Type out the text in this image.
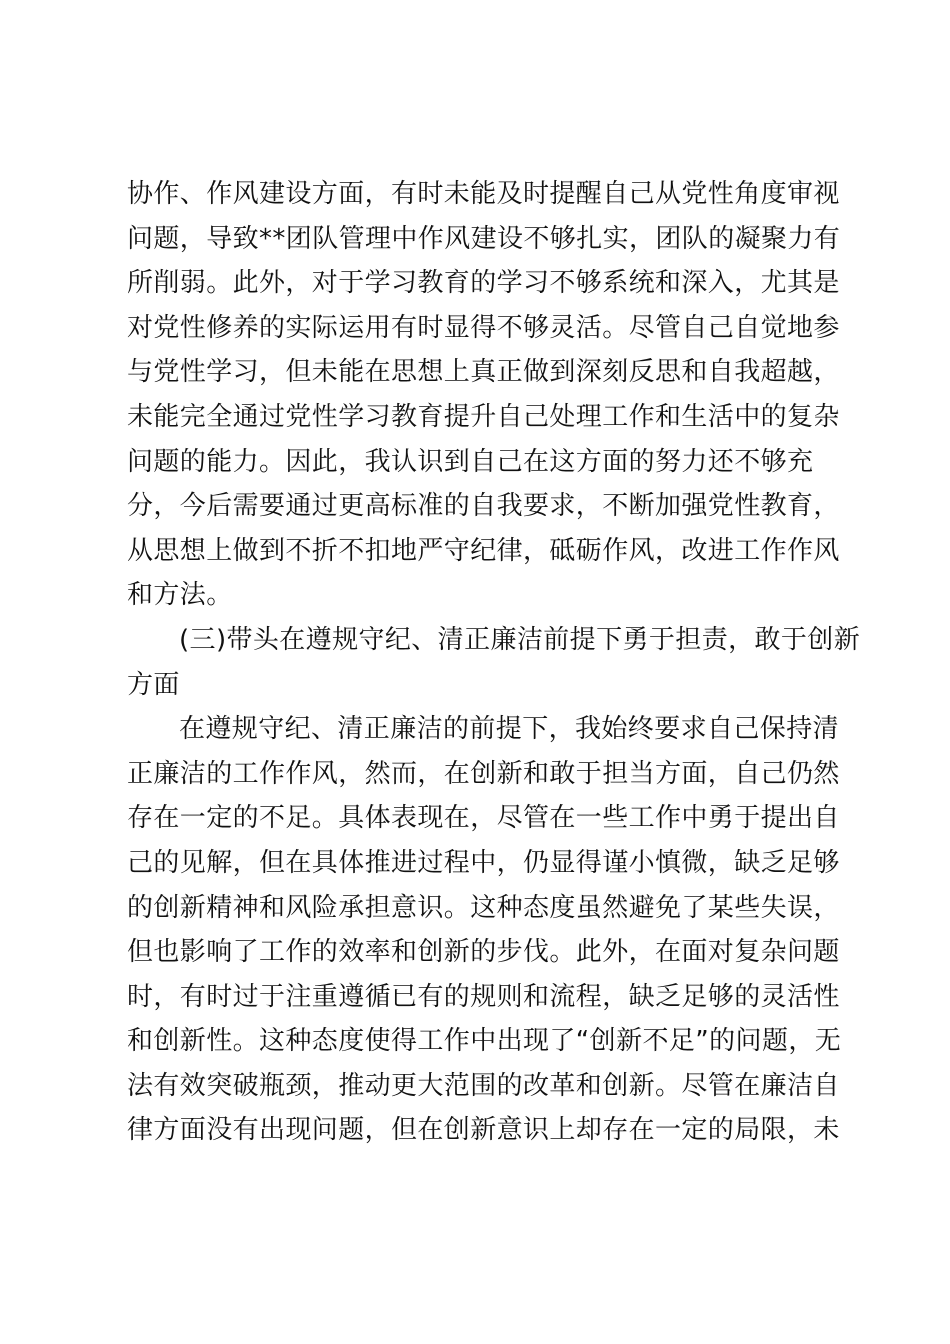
协作、作风建设方面，有时未能及时提醒自己从党性角度审视
问题，导致**团队管理中作风建设不够扎实，团队的凝聚力有
所削弱。此外，对于学习教育的学习不够系统和深入，尤其是
对党性修养的实际运用有时显得不够灵活。尽管自己自觉地参
与党性学习，但未能在思想上真正做到深刻反思和自我超越，
未能完全通过党性学习教育提升自己处理工作和生活中的复杂
问题的能力。因此，我认识到自己在这方面的努力还不够充
分，今后需要通过更高标准的自我要求，不断加强党性教育，
从思想上做到不折不扣地严守纪律，砥砺作风，改进工作作风
和方法。
(三)带头在遵规守纪、清正廉洁前提下勇于担责，敢于创新
方面
在遵规守纪、清正廉洁的前提下，我始终要求自己保持清
正廉洁的工作作风，然而，在创新和敢于担当方面，自己仍然
存在一定的不足。具体表现在，尽管在一些工作中勇于提出自
己的见解，但在具体推进过程中，仍显得谨小慎微，缺乏足够
的创新精神和风险承担意识。这种态度虽然避免了某些失误，
但也影响了工作的效率和创新的步伐。此外，在面对复杂问题
时，有时过于注重遵循已有的规则和流程，缺乏足够的灵活性
和创新性。这种态度使得工作中出现了“创新不足”的问题，无
法有效突破瓶颈，推动更大范围的改革和创新。尽管在廉洁自
律方面没有出现问题，但在创新意识上却存在一定的局限，未
